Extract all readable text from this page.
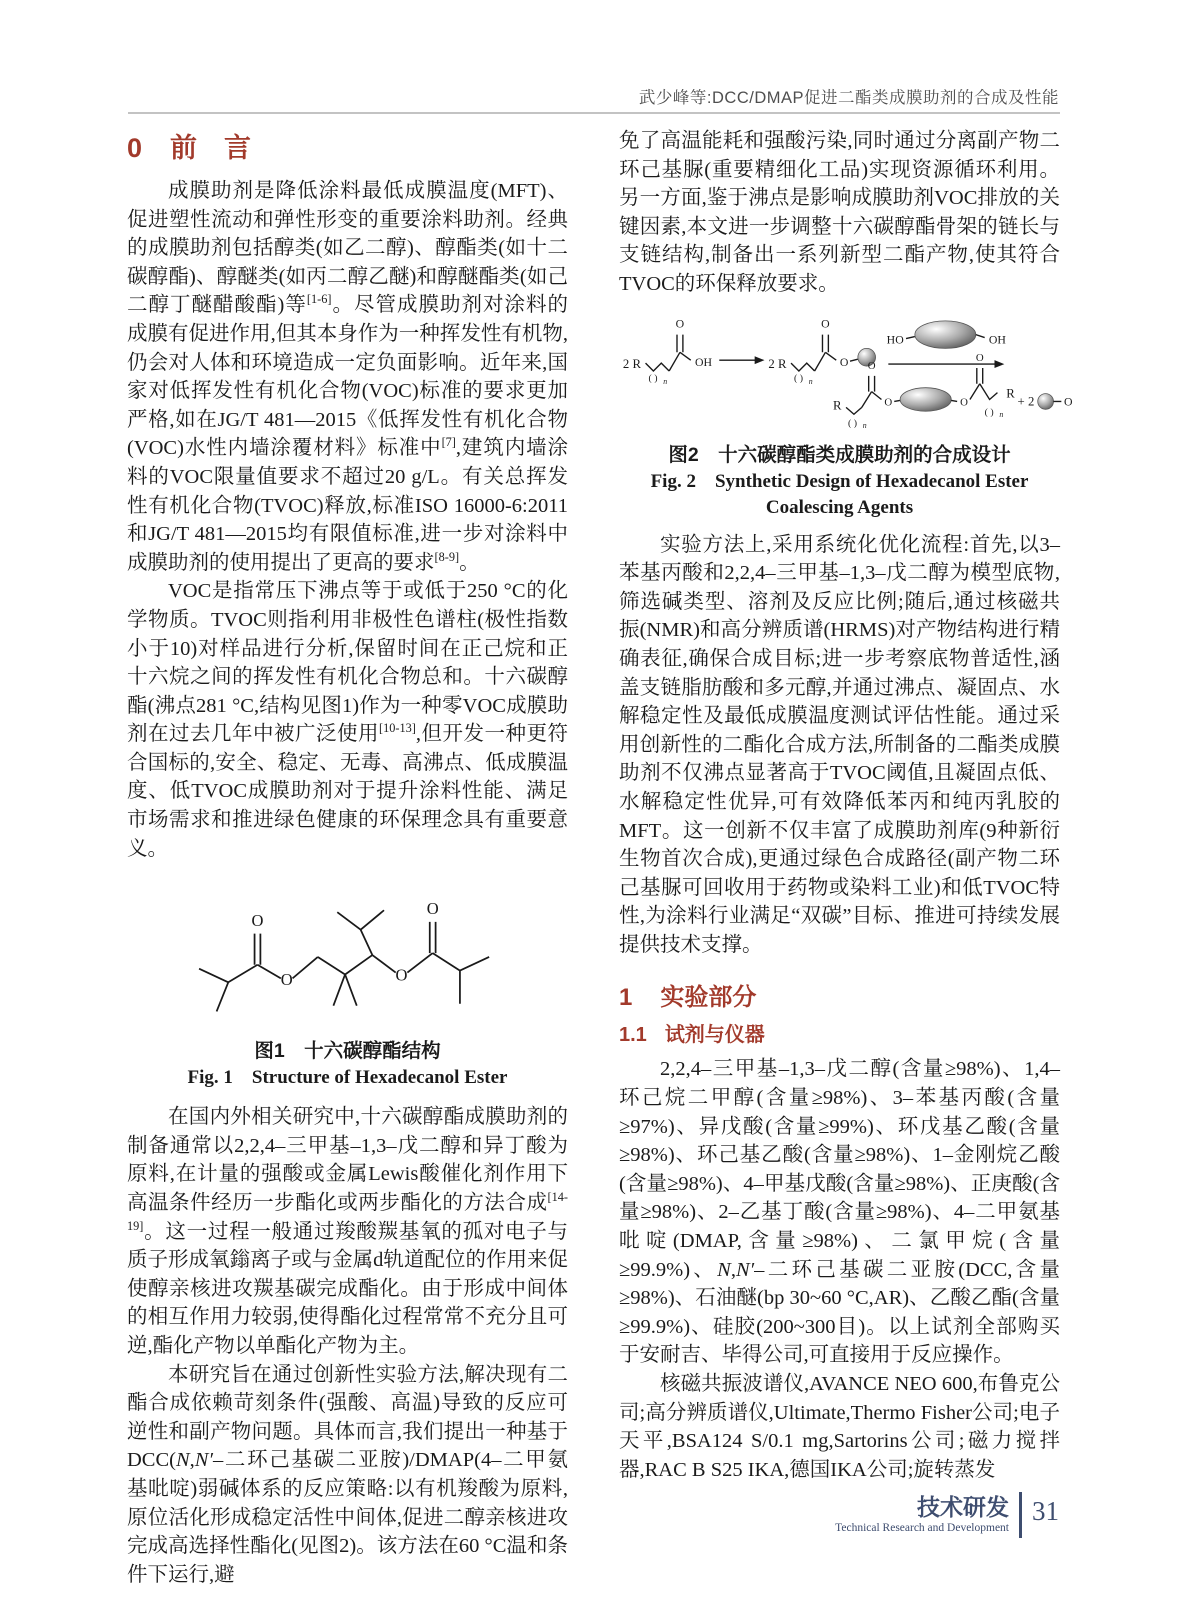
武少峰等:DCC/DMAP促进二酯类成膜助剂的合成及性能
0 前　言

成膜助剂是降低涂料最低成膜温度(MFT)、促进塑性流动和弹性形变的重要涂料助剂。经典的成膜助剂包括醇类(如乙二醇)、醇酯类(如十二碳醇酯)、醇醚类(如丙二醇乙醚)和醇醚酯类(如己二醇丁醚醋酸酯)等[1-6]。尽管成膜助剂对涂料的成膜有促进作用,但其本身作为一种挥发性有机物,仍会对人体和环境造成一定负面影响。近年来,国家对低挥发性有机化合物(VOC)标准的要求更加严格,如在JG/T 481—2015《低挥发性有机化合物(VOC)水性内墙涂覆材料》标准中[7],建筑内墙涂料的VOC限量值要求不超过20 g/L。有关总挥发性有机化合物(TVOC)释放,标准ISO 16000-6:2011和JG/T 481—2015均有限值标准,进一步对涂料中成膜助剂的使用提出了更高的要求[8-9]。

VOC是指常压下沸点等于或低于250 °C的化学物质。TVOC则指利用非极性色谱柱(极性指数小于10)对样品进行分析,保留时间在正己烷和正十六烷之间的挥发性有机化合物总和。十六碳醇酯(沸点281 °C,结构见图1)作为一种零VOC成膜助剂在过去几年中被广泛使用[10-13],但开发一种更符合国标的,安全、稳定、无毒、高沸点、低成膜温度、低TVOC成膜助剂对于提升涂料性能、满足市场需求和推进绿色健康的环保理念具有重要意义。

O
O	O
O
图1　十六碳醇酯结构
Fig. 1　Structure of Hexadecanol Ester

在国内外相关研究中,十六碳醇酯成膜助剂的制备通常以2,2,4–三甲基–1,3–戊二醇和异丁酸为原料,在计量的强酸或金属Lewis酸催化剂作用下高温条件经历一步酯化或两步酯化的方法合成[14-19]。这一过程一般通过羧酸羰基氧的孤对电子与质子形成氧鎓离子或与金属d轨道配位的作用来促使醇亲核进攻羰基碳完成酯化。由于形成中间体的相互作用力较弱,使得酯化过程常常不充分且可逆,酯化产物以单酯化产物为主。

本研究旨在通过创新性实验方法,解决现有二酯合成依赖苛刻条件(强酸、高温)导致的反应可逆性和副产物问题。具体而言,我们提出一种基于DCC(N,N′–二环己基碳二亚胺)/DMAP(4–二甲氨基吡啶)弱碱体系的反应策略:以有机羧酸为原料,原位活化形成稳定活性中间体,促进二醇亲核进攻完成高选择性酯化(见图2)。该方法在60 °C温和条件下运行,避

免了高温能耗和强酸污染,同时通过分离副产物二环己基脲(重要精细化工品)实现资源循环利用。另一方面,鉴于沸点是影响成膜助剂VOC排放的关键因素,本文进一步调整十六碳醇酯骨架的链长与支链结构,制备出一系列新型二酯产物,使其符合TVOC的环保释放要求。

2 R
( ) n
O
OH	2 R
( ) n
O
O
HO	OH
R
( ) n
O
O	O
O
( ) n
R
+ 2 O
图2　十六碳醇酯类成膜助剂的合成设计
Fig. 2　Synthetic Design of Hexadecanol Ester Coalescing Agents

实验方法上,采用系统化优化流程:首先,以3–苯基丙酸和2,2,4–三甲基–1,3–戊二醇为模型底物,筛选碱类型、溶剂及反应比例;随后,通过核磁共振(NMR)和高分辨质谱(HRMS)对产物结构进行精确表征,确保合成目标;进一步考察底物普适性,涵盖支链脂肪酸和多元醇,并通过沸点、凝固点、水解稳定性及最低成膜温度测试评估性能。通过采用创新性的二酯化合成方法,所制备的二酯类成膜助剂不仅沸点显著高于TVOC阈值,且凝固点低、水解稳定性优异,可有效降低苯丙和纯丙乳胶的MFT。这一创新不仅丰富了成膜助剂库(9种新衍生物首次合成),更通过绿色合成路径(副产物二环己基脲可回收用于药物或染料工业)和低TVOC特性,为涂料行业满足“双碳”目标、推进可持续发展提供技术支撑。

1 实验部分
1.1 试剂与仪器

2,2,4–三甲基–1,3–戊二醇(含量≥98%)、1,4–环己烷二甲醇(含量≥98%)、3–苯基丙酸(含量≥97%)、异戊酸(含量≥99%)、环戊基乙酸(含量≥98%)、环己基乙酸(含量≥98%)、1–金刚烷乙酸(含量≥98%)、4–甲基戊酸(含量≥98%)、正庚酸(含量≥98%)、2–乙基丁酸(含量≥98%)、4–二甲氨基吡啶(DMAP,含量≥98%)、二氯甲烷(含量≥99.9%)、N,N′–二环己基碳二亚胺(DCC,含量≥98%)、石油醚(bp 30~60 °C,AR)、乙酸乙酯(含量≥99.9%)、硅胶(200~300目)。以上试剂全部购买于安耐吉、毕得公司,可直接用于反应操作。

核磁共振波谱仪,AVANCE NEO 600,布鲁克公司;高分辨质谱仪,Ultimate,Thermo Fisher公司;电子天平,BSA124 S/0.1 mg,Sartorins公司;磁力搅拌器,RAC B S25 IKA,德国IKA公司;旋转蒸发

技术研发
Technical Research and Development
31
